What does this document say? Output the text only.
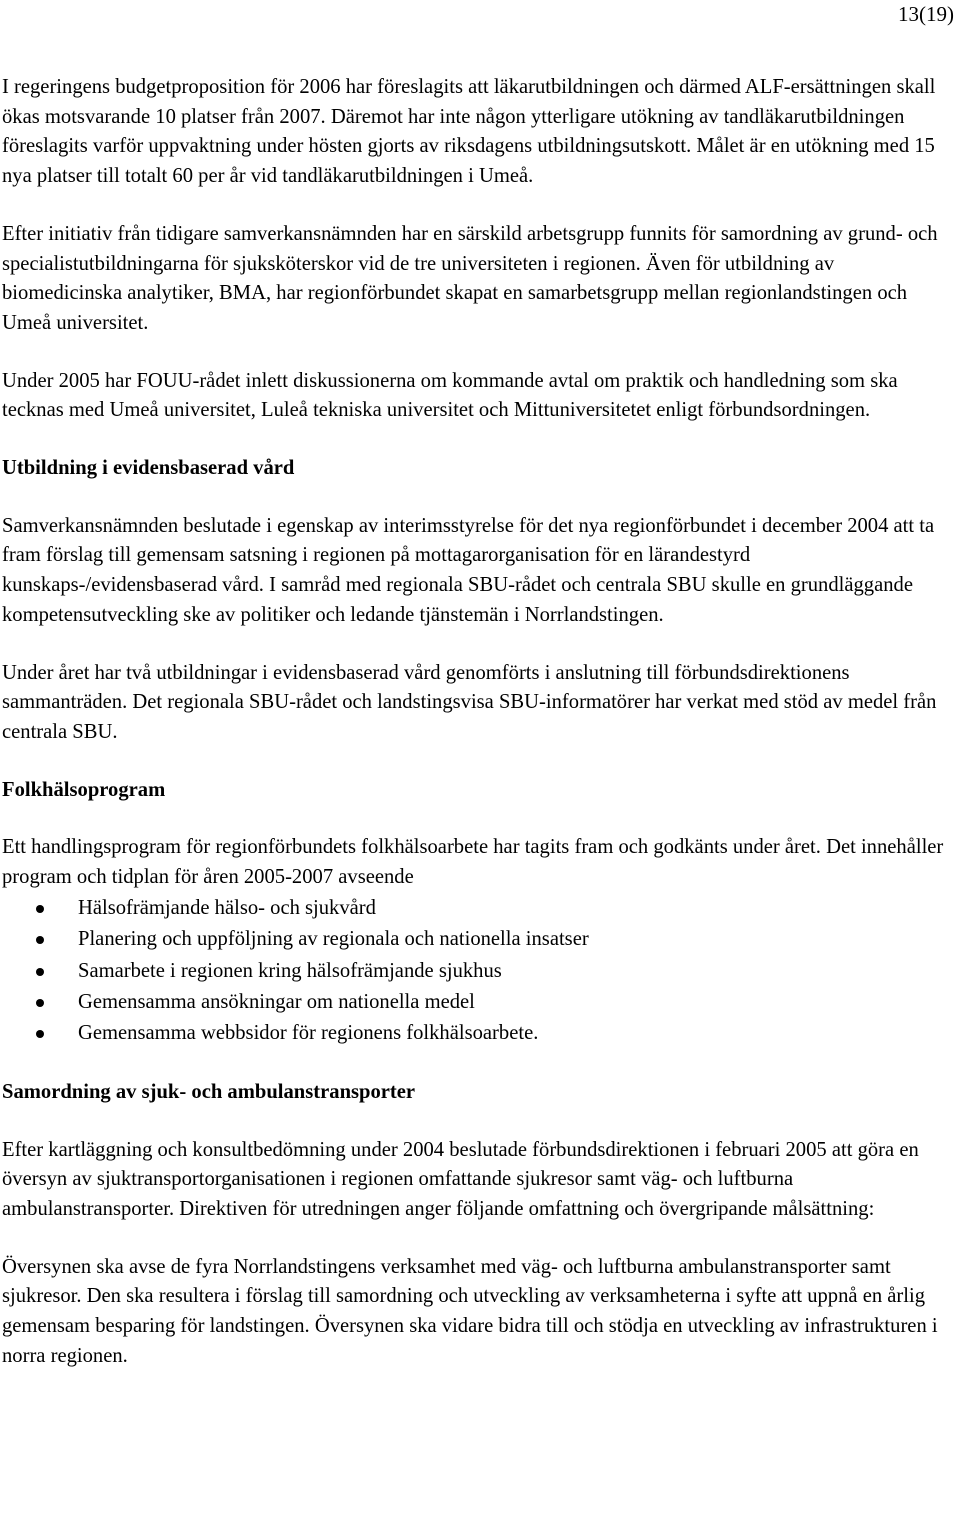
13(19)

I regeringens budgetproposition för 2006 har föreslagits att läkarutbildningen och därmed ALF-ersättningen skall ökas motsvarande 10 platser från 2007. Däremot har inte någon ytterligare utökning av tandläkarutbildningen föreslagits varför uppvaktning under hösten gjorts av riksdagens utbildningsutskott. Målet är en utökning med 15 nya platser till totalt 60 per år vid tandläkarutbildningen i Umeå.

Efter initiativ från tidigare samverkansnämnden har en särskild arbetsgrupp funnits för samordning av grund- och specialistutbildningarna för sjuksköterskor vid de tre universiteten i regionen. Även för utbildning av biomedicinska analytiker, BMA, har regionförbundet skapat en samarbetsgrupp mellan regionlandstingen och Umeå universitet.

Under 2005 har FOUU-rådet inlett diskussionerna om kommande avtal om praktik och handledning som ska tecknas med Umeå universitet, Luleå tekniska universitet och Mittuniversitetet enligt förbundsordningen.

Utbildning i evidensbaserad vård

Samverkansnämnden beslutade i egenskap av interimsstyrelse för det nya regionförbundet i december 2004 att ta fram förslag till gemensam satsning i regionen på mottagarorganisation för en lärandestyrd kunskaps-/evidensbaserad vård. I samråd med regionala SBU-rådet och centrala SBU skulle en grundläggande kompetensutveckling ske av politiker och ledande tjänstemän i Norrlandstingen.

Under året har två utbildningar i evidensbaserad vård genomförts i anslutning till förbundsdirektionens sammanträden. Det regionala SBU-rådet och landstingsvisa SBU-informatörer har verkat med stöd av medel från centrala SBU.

Folkhälsoprogram

Ett handlingsprogram för regionförbundets folkhälsoarbete har tagits fram och godkänts under året. Det innehåller program och tidplan för åren 2005-2007 avseende

Hälsofrämjande hälso- och sjukvård
Planering och uppföljning av regionala och nationella insatser
Samarbete i regionen kring hälsofrämjande sjukhus
Gemensamma ansökningar om nationella medel
Gemensamma webbsidor för regionens folkhälsoarbete.
Samordning av sjuk- och ambulanstransporter

Efter kartläggning och konsultbedömning under 2004 beslutade förbundsdirektionen i februari 2005 att göra en översyn av sjuktransportorganisationen i regionen omfattande sjukresor samt väg- och luftburna ambulanstransporter. Direktiven för utredningen anger följande omfattning och övergripande målsättning:

Översynen ska avse de fyra Norrlandstingens verksamhet med väg- och luftburna ambulanstransporter samt sjukresor. Den ska resultera i förslag till samordning och utveckling av verksamheterna i syfte att uppnå en årlig gemensam besparing för landstingen. Översynen ska vidare bidra till och stödja en utveckling av infrastrukturen i norra regionen.
